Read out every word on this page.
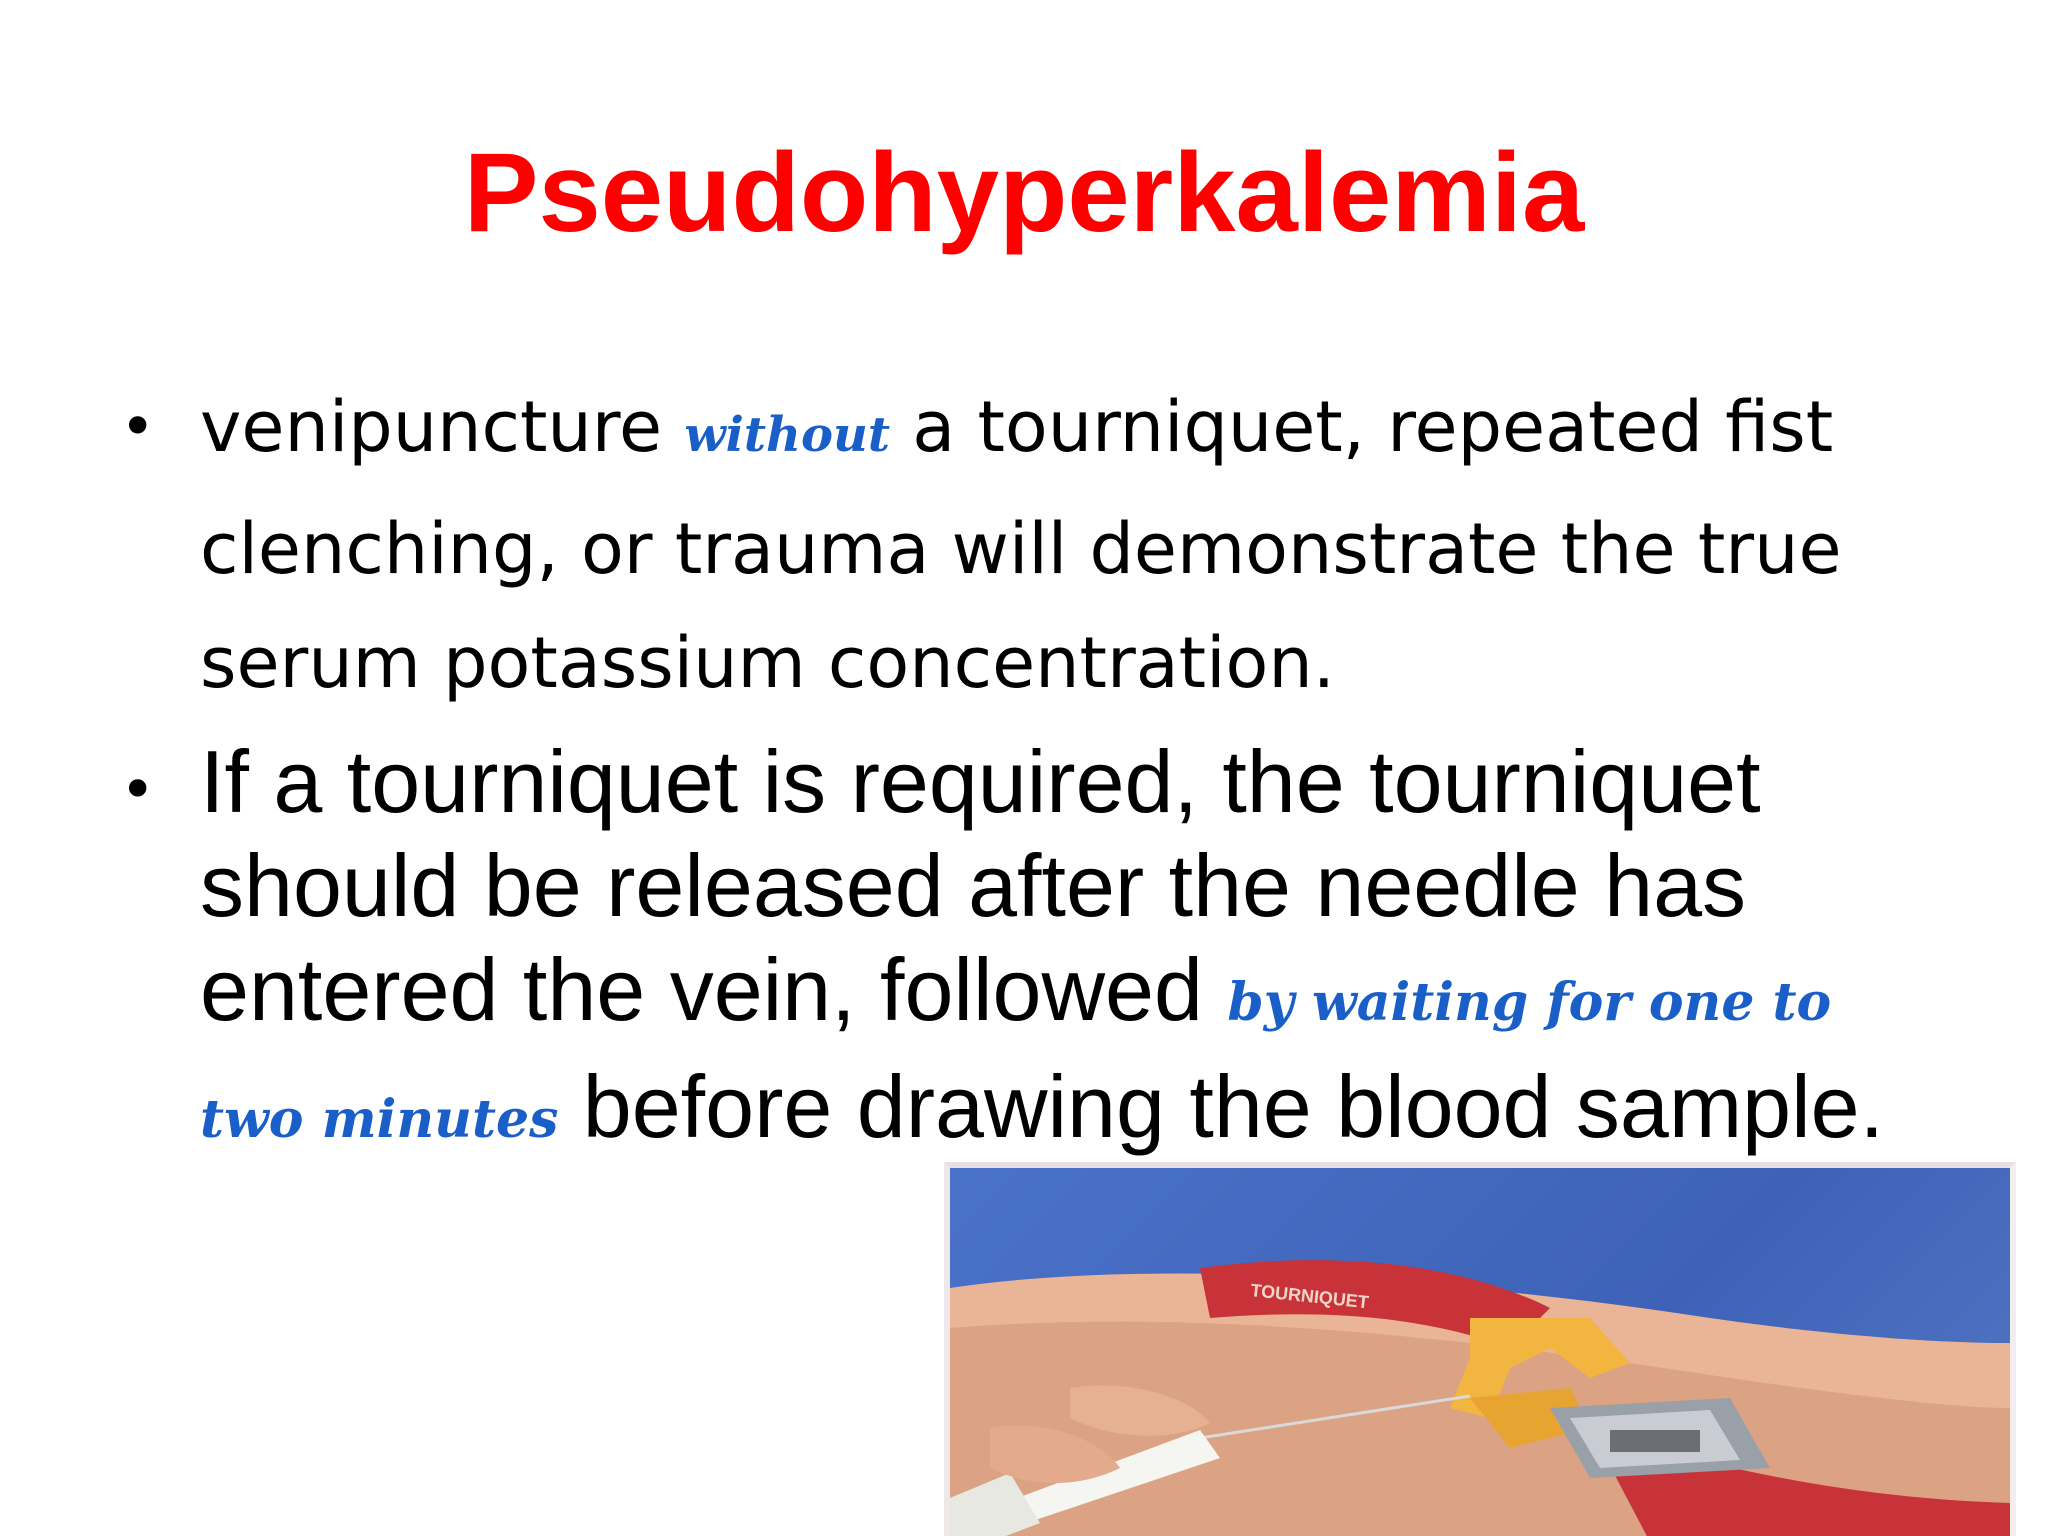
Pseudohyperkalemia

• venipuncture without a tourniquet, repeated fist clenching, or trauma will demonstrate the true serum potassium concentration.

• If a tourniquet is required, the tourniquet should be released after the needle has entered the vein, followed by waiting for one to two minutes before drawing the blood sample.

TOURNIQUET
